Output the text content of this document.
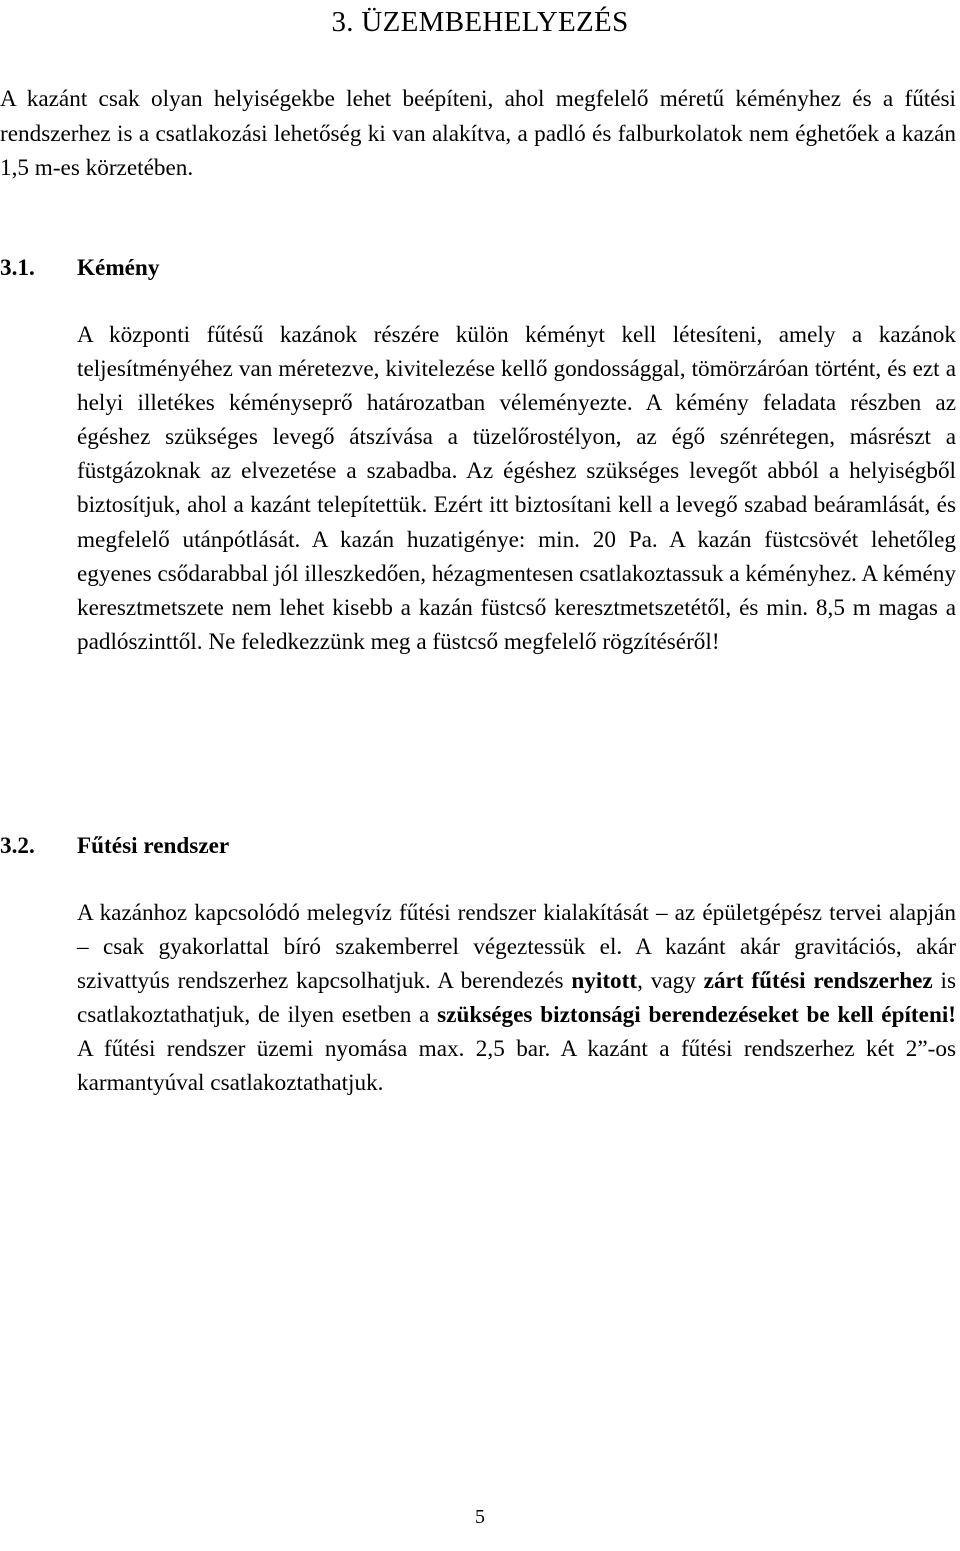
3. ÜZEMBEHELYEZÉS

A kazánt csak olyan helyiségekbe lehet beépíteni, ahol megfelelő méretű kéményhez és a fűtési rendszerhez is a csatlakozási lehetőség ki van alakítva, a padló és falburkolatok nem éghetőek a kazán 1,5 m-es körzetében.

3.1. Kémény

A központi fűtésű kazánok részére külön kéményt kell létesíteni, amely a kazánok teljesítményéhez van méretezve, kivitelezése kellő gondossággal, tömörzáróan történt, és ezt a helyi illetékes kéményseprő határozatban véleményezte. A kémény feladata részben az égéshez szükséges levegő átszívása a tüzelőrostélyon, az égő szénrétegen, másrészt a füstgázoknak az elvezetése a szabadba. Az égéshez szükséges levegőt abból a helyiségből biztosítjuk, ahol a kazánt telepítettük. Ezért itt biztosítani kell a levegő szabad beáramlását, és megfelelő utánpótlását. A kazán huzatigénye: min. 20 Pa. A kazán füstcsövét lehetőleg egyenes csődarabbal jól illeszkedően, hézagmentesen csatlakoztassuk a kéményhez. A kémény keresztmetszete nem lehet kisebb a kazán füstcső keresztmetszetétől, és min. 8,5 m magas a padlószinttől. Ne feledkezzünk meg a füstcső megfelelő rögzítéséről!

3.2. Fűtési rendszer

A kazánhoz kapcsolódó melegvíz fűtési rendszer kialakítását – az épületgépész tervei alapján – csak gyakorlattal bíró szakemberrel végeztessük el. A kazánt akár gravitációs, akár szivattyús rendszerhez kapcsolhatjuk. A berendezés nyitott, vagy zárt fűtési rendszerhez is csatlakoztathatjuk, de ilyen esetben a szükséges biztonsági berendezéseket be kell építeni! A fűtési rendszer üzemi nyomása max. 2,5 bar. A kazánt a fűtési rendszerhez két 2”-os karmantyúval csatlakoztathatjuk.

5
